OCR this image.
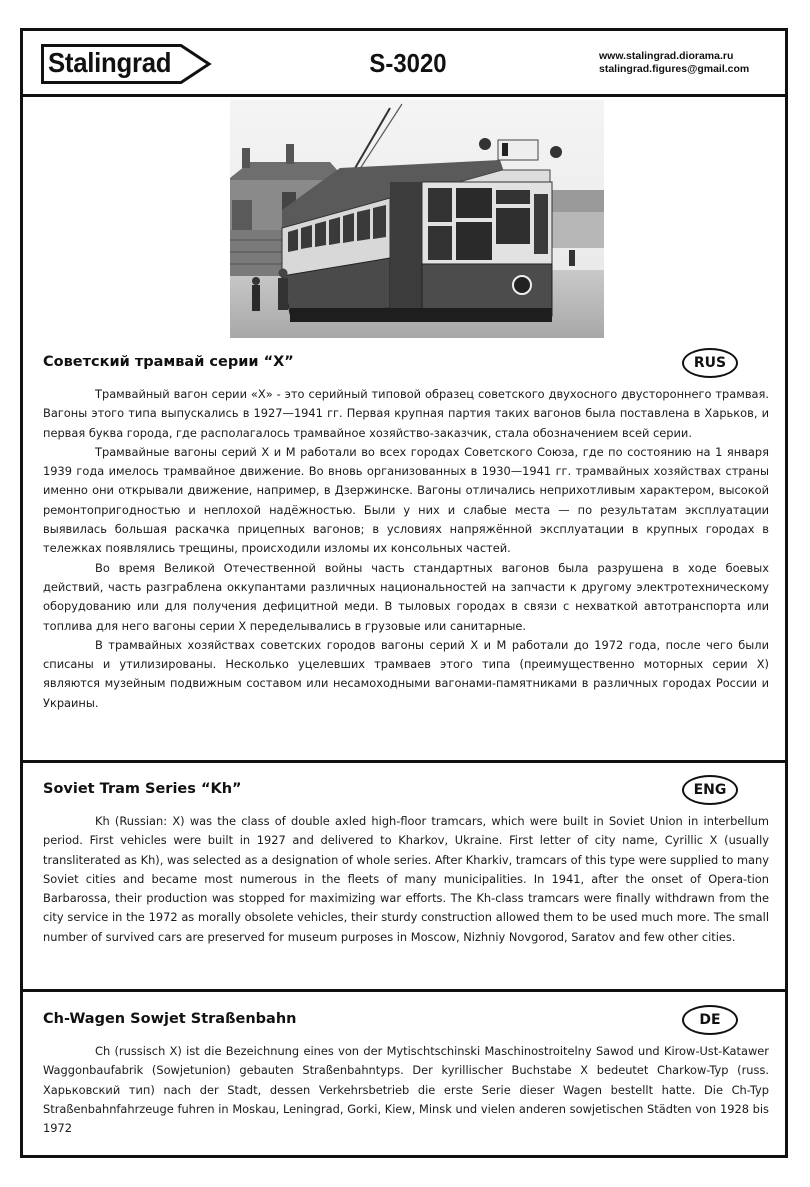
Stalingrad	S-3020	www.stalingrad.diorama.ru
stalingrad.figures@gmail.com
Советский трамвай серии “Х”	RUS

Трамвайный вагон серии «Х» - это серийный типовой образец советского двухосного двустороннего трамвая. Вагоны этого типа выпускались в 1927—1941 гг. Первая крупная партия таких вагонов была поставлена в Харьков, и первая буква города, где располагалось трамвайное хозяйство-заказчик, стала обозначением всей серии.

Трамвайные вагоны серий Х и М работали во всех городах Советского Союза, где по состоянию на 1 января 1939 года имелось трамвайное движение. Во вновь организованных в 1930—1941 гг. трамвайных хозяйствах страны именно они открывали движение, например, в Дзержинске. Вагоны отличались неприхотливым характером, высокой ремонтопригодностью и неплохой надёжностью. Были у них и слабые места — по результатам эксплуатации выявилась большая раскачка прицепных вагонов; в условиях напряжённой эксплуатации в крупных городах в тележках появлялись трещины, происходили изломы их консольных частей.

Во время Великой Отечественной войны часть стандартных вагонов была разрушена в ходе боевых действий, часть разграблена оккупантами различных национальностей на запчасти к другому электротехническому оборудованию или для получения дефицитной меди. В тыловых городах в связи с нехваткой автотранспорта или топлива для него вагоны серии Х переделывались в грузовые или санитарные.

В трамвайных хозяйствах советских городов вагоны серий Х и М работали до 1972 года, после чего были списаны и утилизированы. Несколько уцелевших трамваев этого типа (преимущественно моторных серии Х) являются музейным подвижным составом или несамоходными вагонами-памятниками в различных городах России и Украины.

Soviet Tram Series “Kh”	ENG

Kh (Russian: X) was the class of double axled high-floor tramcars, which were built in Soviet Union in interbellum period. First vehicles were built in 1927 and delivered to Kharkov, Ukraine. First letter of city name, Cyrillic X (usually transliterated as Kh), was selected as a designation of whole series. After Kharkiv, tramcars of this type were supplied to many Soviet cities and became most numerous in the fleets of many municipalities. In 1941, after the onset of Opera-tion Barbarossa, their production was stopped for maximizing war efforts. The Kh-class tramcars were finally withdrawn from the city service in the 1972 as morally obsolete vehicles, their sturdy construction allowed them to be used much more. The small number of survived cars are preserved for museum purposes in Moscow, Nizhniy Novgorod, Saratov and few other cities.

Ch-Wagen Sowjet Straßenbahn	DE

Ch (russisch X) ist die Bezeichnung eines von der Mytischtschinski Maschinostroitelny Sawod und Kirow-Ust-Katawer Waggonbaufabrik (Sowjetunion) gebauten Straßenbahntyps. Der kyrillischer Buchstabe X bedeutet Charkow-Typ (russ. Харьковский тип) nach der Stadt, dessen Verkehrsbetrieb die erste Serie dieser Wagen bestellt hatte. Die Ch-Typ Straßenbahnfahrzeuge fuhren in Moskau, Leningrad, Gorki, Kiew, Minsk und vielen anderen sowjetischen Städten von 1928 bis 1972
